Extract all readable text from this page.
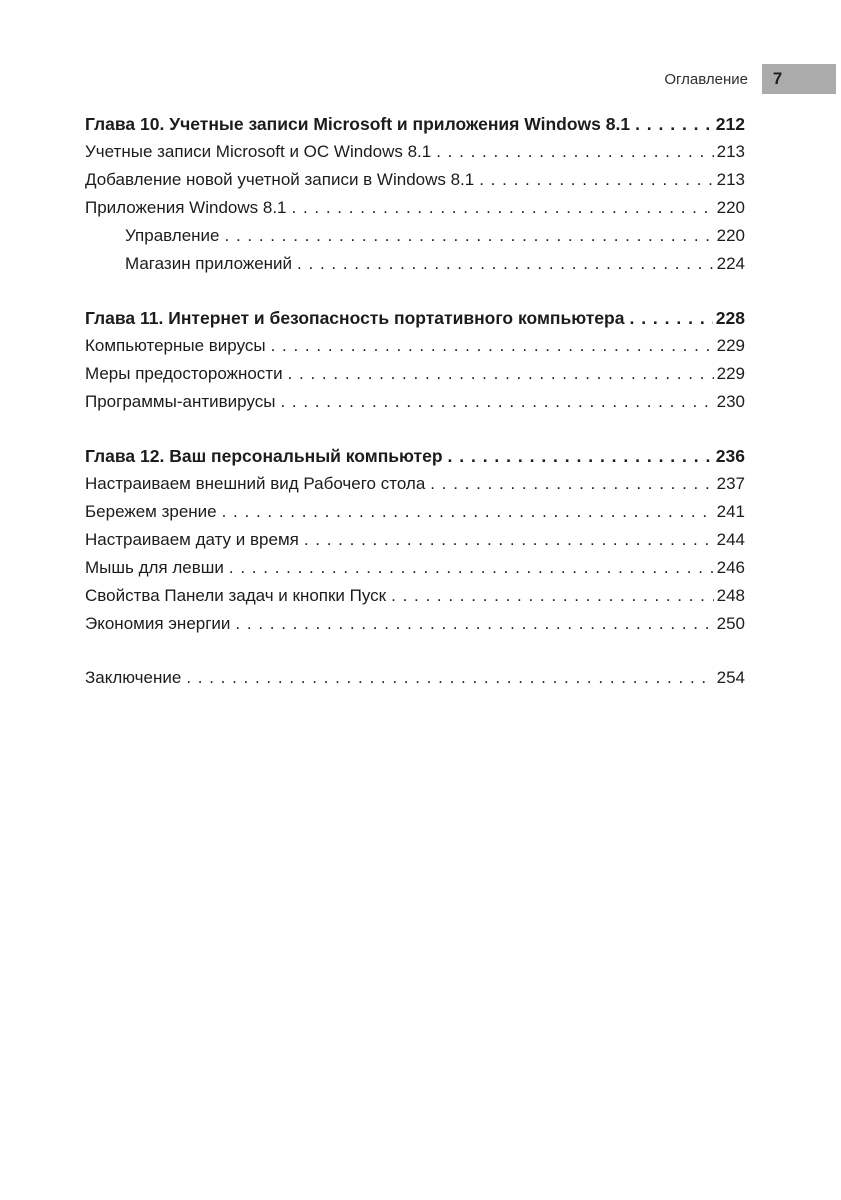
Оглавление 7
Глава 10. Учетные записи Microsoft и приложения Windows 8.1 . . .	212
Учетные записи Microsoft и ОС Windows 8.1 . . .	213
Добавление новой учетной записи в Windows 8.1 . . .	213
Приложения Windows 8.1 . . .	220
Управление . . .	220
Магазин приложений . . .	224
Глава 11. Интернет и безопасность портативного компьютера . . .	228
Компьютерные вирусы . . .	229
Меры предосторожности . . .	229
Программы-антивирусы . . .	230
Глава 12. Ваш персональный компьютер . . .	236
Настраиваем внешний вид Рабочего стола . . .	237
Бережем зрение . . .	241
Настраиваем дату и время . . .	244
Мышь для левши . . .	246
Свойства Панели задач и кнопки Пуск . . .	248
Экономия энергии . . .	250
Заключение . . .	254
